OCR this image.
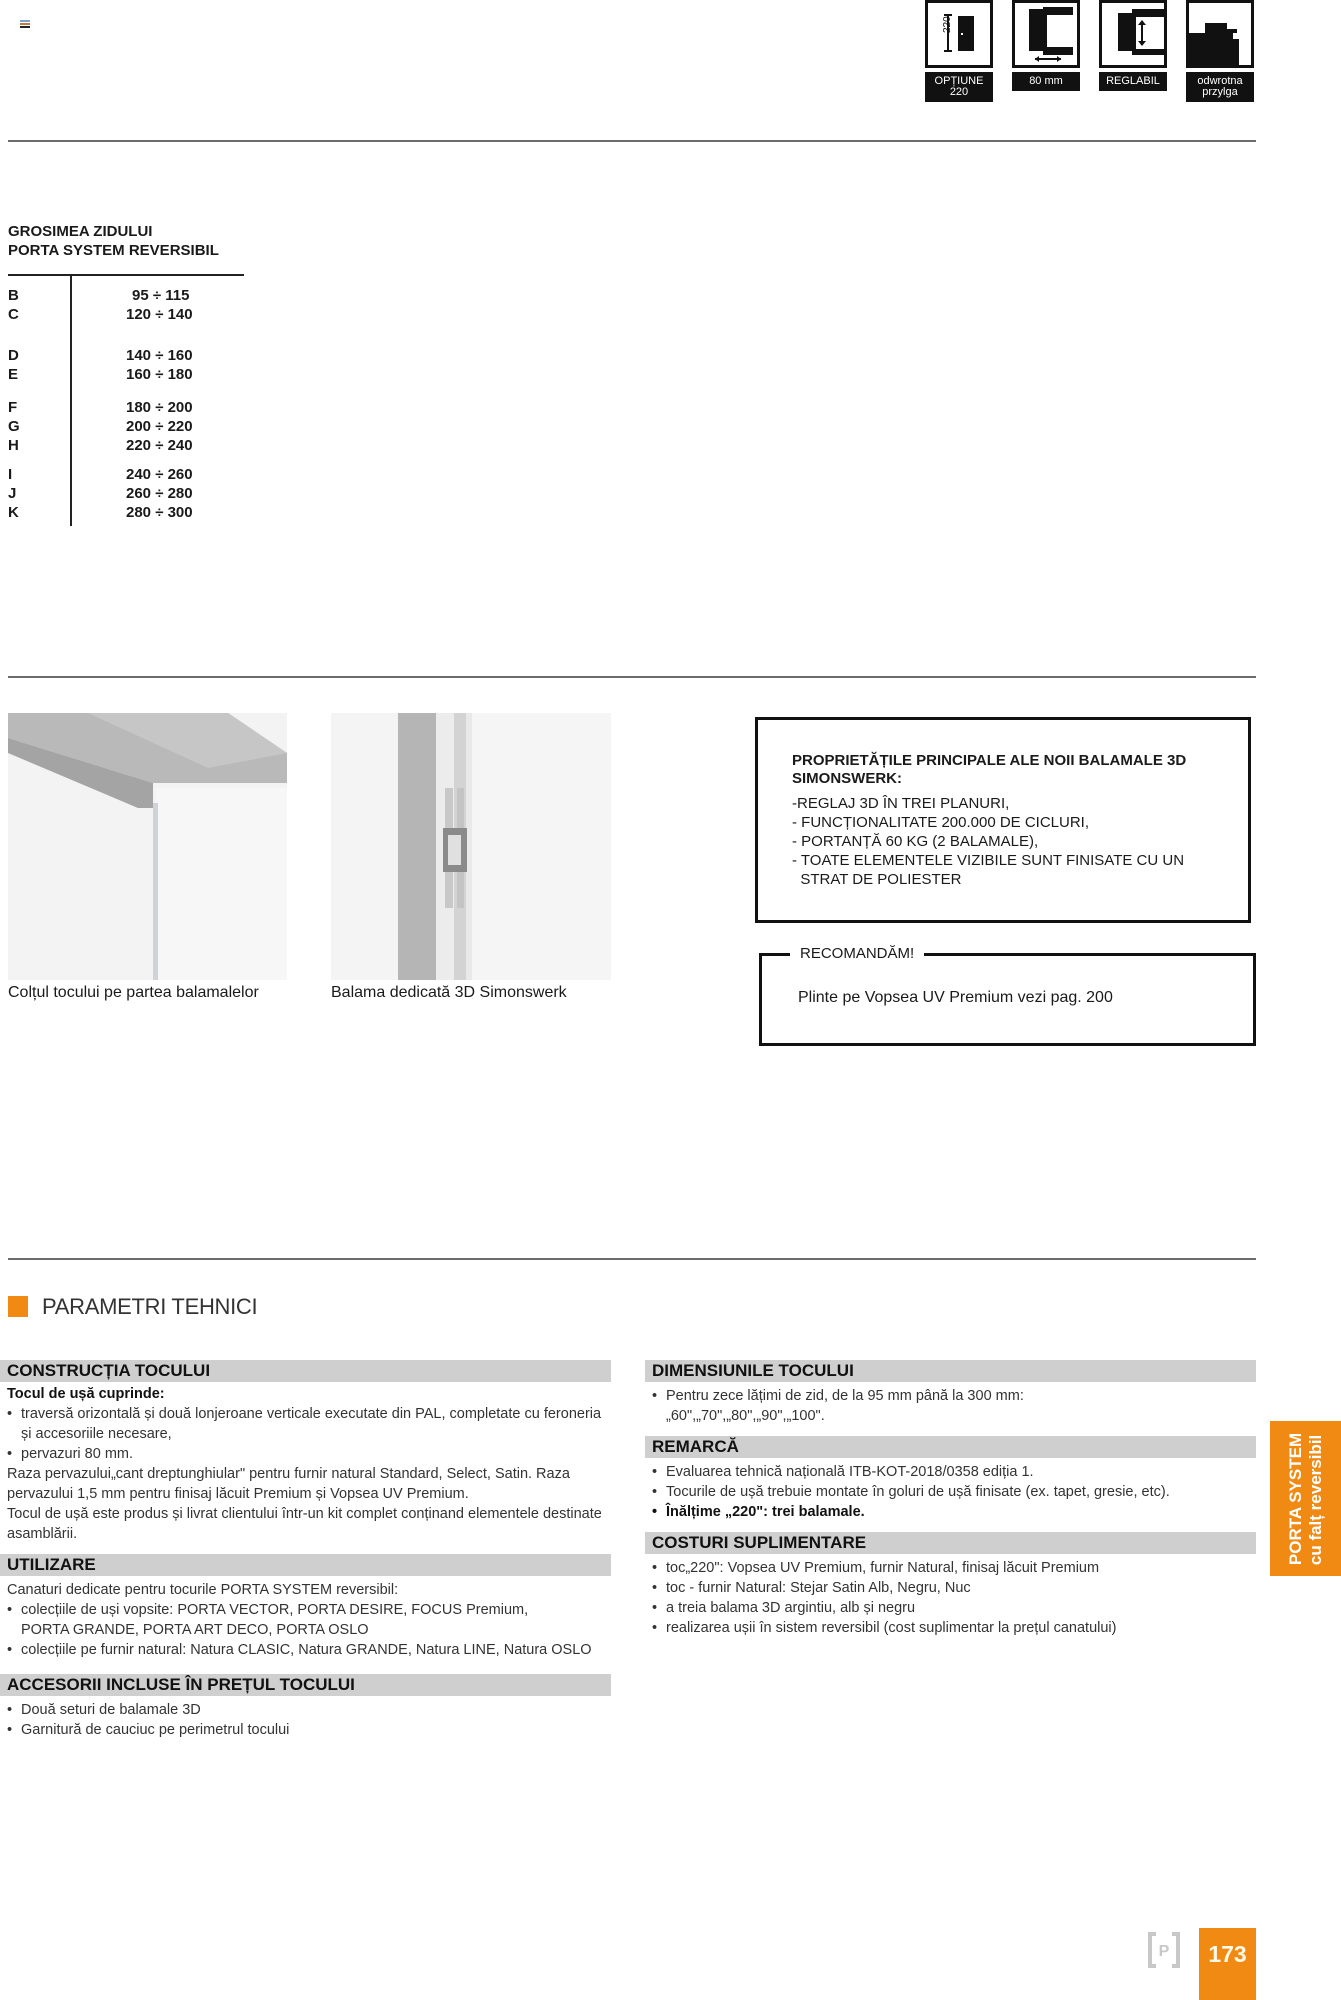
220
OPȚIUNE
220
80 mm	REGLABIL	odwrotna
przylga
GROSIMEA ZIDULUI
PORTA SYSTEM REVERSIBIL
B	95 ÷ 115
C	120 ÷ 140
D	140 ÷ 160
E	160 ÷ 180
F	180 ÷ 200
G	200 ÷ 220
H	220 ÷ 240
I	240 ÷ 260
J	260 ÷ 280
K	280 ÷ 300
Colțul tocului pe partea balamalelor	Balama dedicată 3D Simonswerk
PROPRIETĂȚILE PRINCIPALE ALE NOII BALAMALE 3D SIMONSWERK:
-REGLAJ 3D ÎN TREI PLANURI,
- FUNCȚIONALITATE 200.000 DE CICLURI,
- PORTANȚĂ 60 KG (2 BALAMALE),
- TOATE ELEMENTELE VIZIBILE SUNT FINISATE CU UN
STRAT DE POLIESTER
RECOMANDĂM!
Plinte pe Vopsea UV Premium vezi pag. 200
PARAMETRI TEHNICI
CONSTRUCȚIA TOCULUI
Tocul de ușă cuprinde:
• traversă orizontală și două lonjeroane verticale executate din PAL, completate cu feroneria și accesoriile necesare,
• pervazuri 80 mm.
Raza pervazului„cant dreptunghiular" pentru furnir natural Standard, Select, Satin. Raza pervazului 1,5 mm pentru finisaj lăcuit Premium și Vopsea UV Premium.
Tocul de ușă este produs și livrat clientului într-un kit complet conținand elementele destinate asamblării.
UTILIZARE
Canaturi dedicate pentru tocurile PORTA SYSTEM reversibil:
• colecțiile de uși vopsite: PORTA VECTOR, PORTA DESIRE, FOCUS Premium, PORTA GRANDE, PORTA ART DECO, PORTA OSLO
• colecțiile pe furnir natural: Natura CLASIC, Natura GRANDE, Natura LINE, Natura OSLO
ACCESORII INCLUSE ÎN PREȚUL TOCULUI
• Două seturi de balamale 3D
• Garnitură de cauciuc pe perimetrul tocului
DIMENSIUNILE TOCULUI
• Pentru zece lățimi de zid, de la 95 mm până la 300 mm: „60",„70",„80",„90",„100".
REMARCĂ
• Evaluarea tehnică națională ITB-KOT-2018/0358 ediția 1.
• Tocurile de ușă trebuie montate în goluri de ușă finisate (ex. tapet, gresie, etc).
• Înălțime „220": trei balamale.
COSTURI SUPLIMENTARE
• toc„220": Vopsea UV Premium, furnir Natural, finisaj lăcuit Premium
• toc - furnir Natural: Stejar Satin Alb, Negru, Nuc
• a treia balama 3D argintiu, alb și negru
• realizarea ușii în sistem reversibil (cost suplimentar la prețul canatului)
PORTA SYSTEM cu falț reversibil
P	173
